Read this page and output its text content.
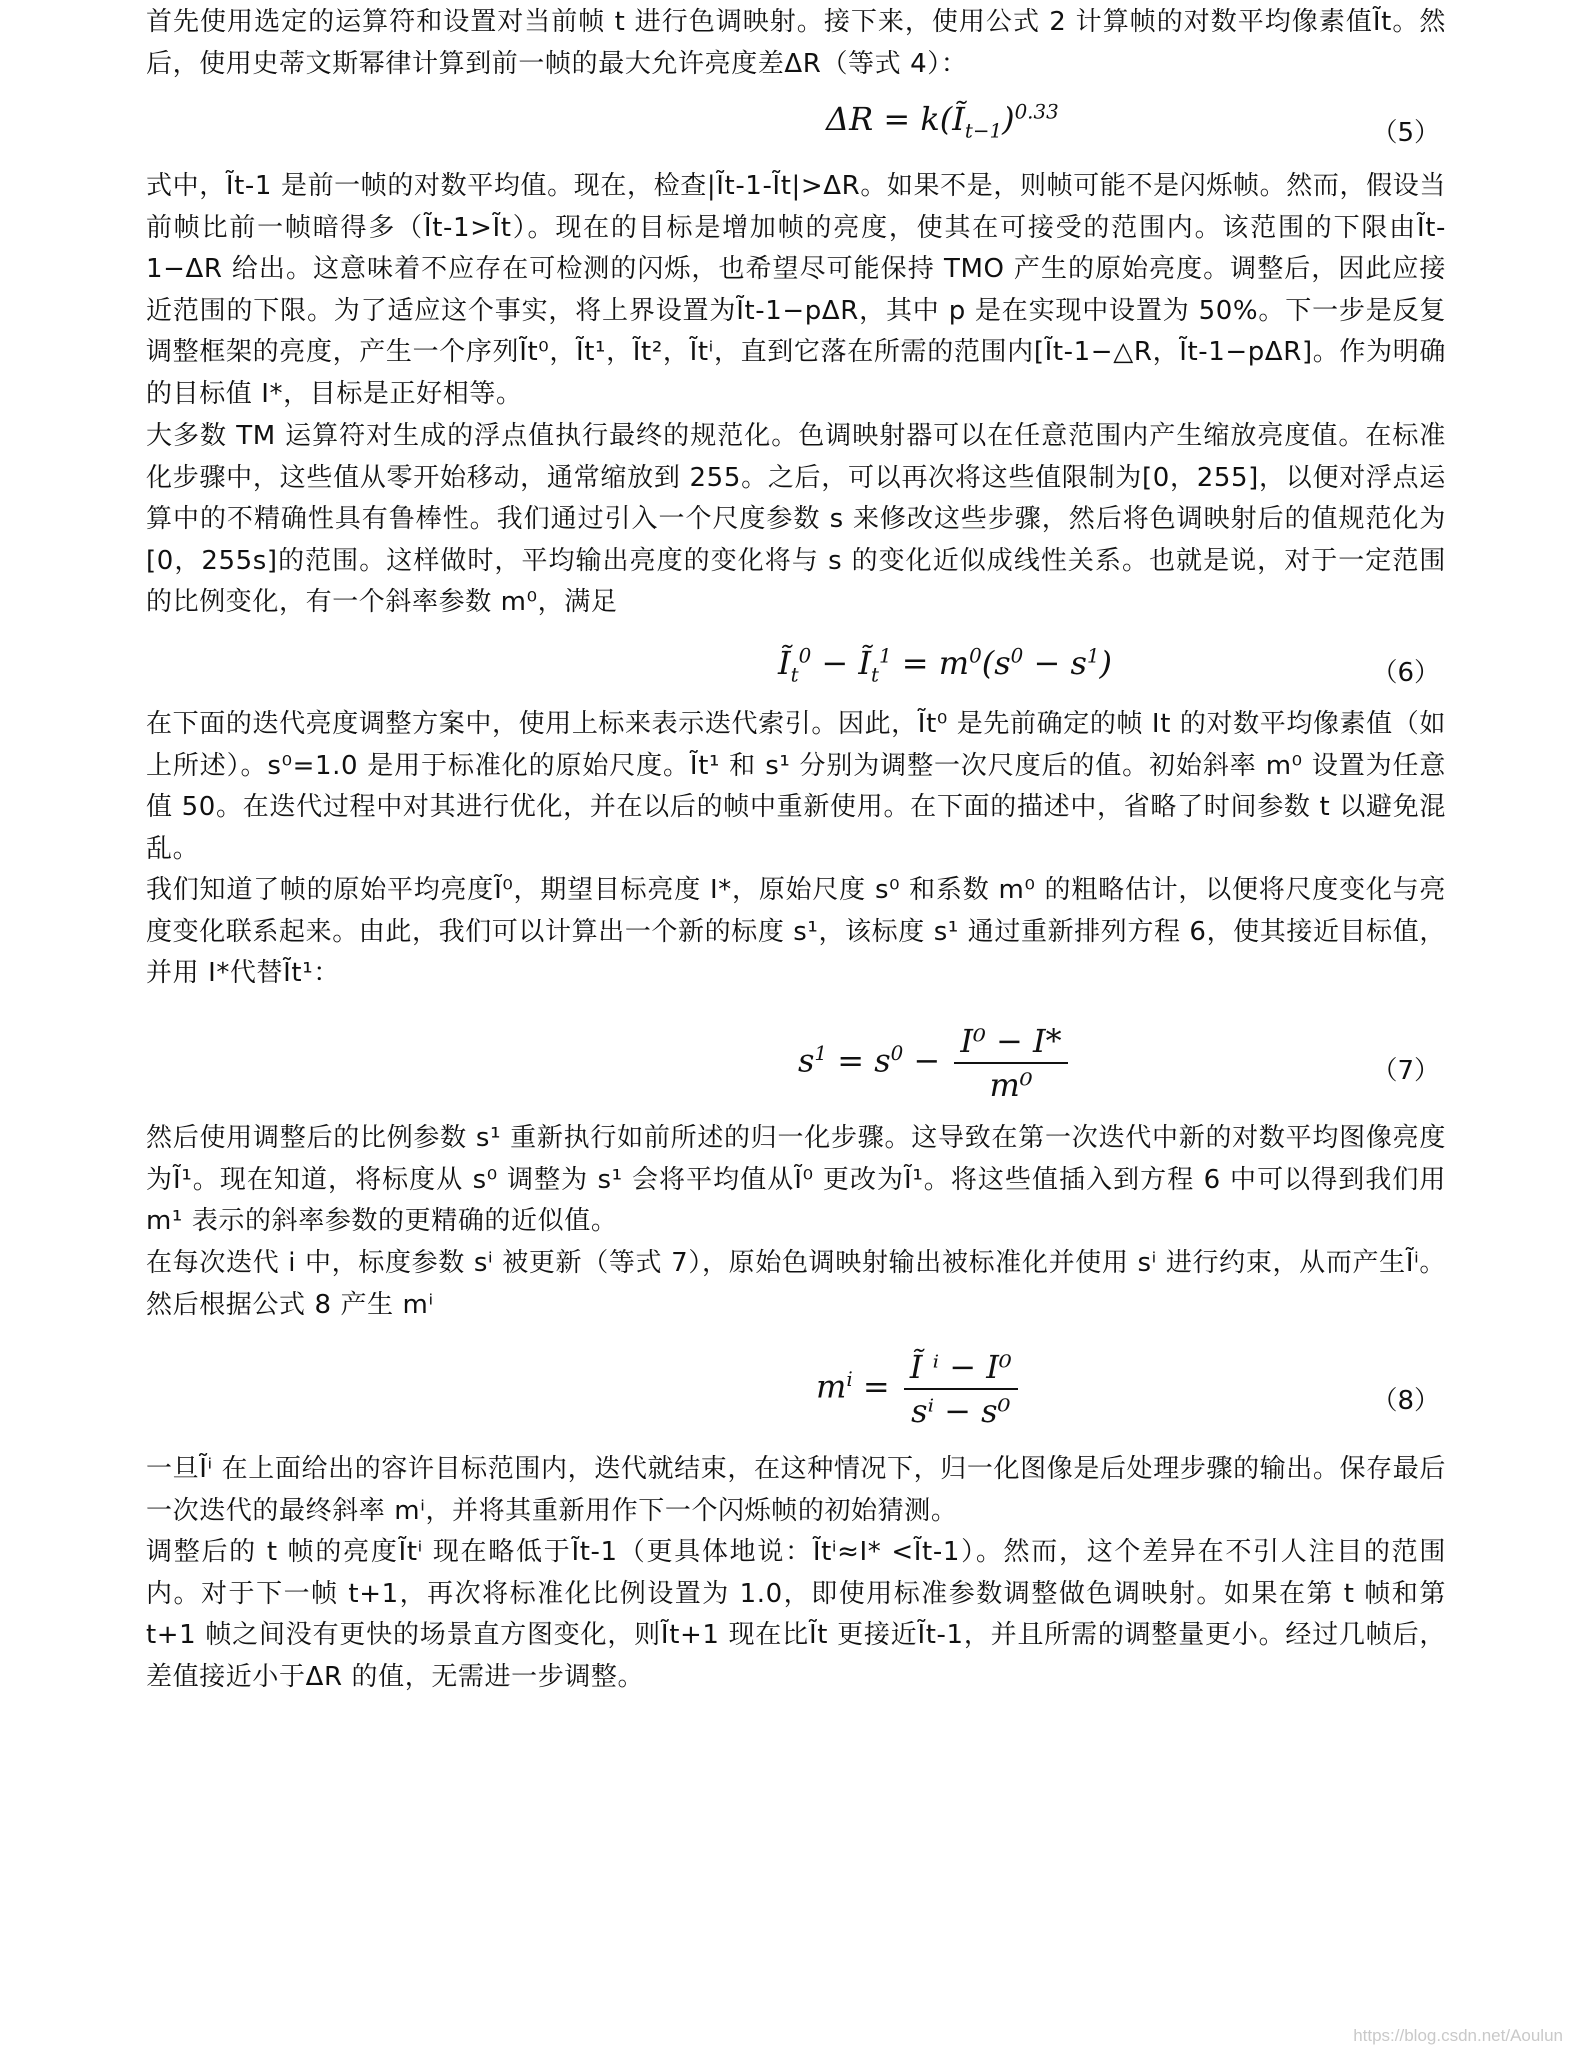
首先使用选定的运算符和设置对当前帧 t 进行色调映射。接下来，使用公式 2 计算帧的对数平均像素值Ĩt。然后，使用史蒂文斯幂律计算到前一帧的最大允许亮度差ΔR（等式 4）：
$\Delta R = k(Ĩ_{t-1})^{0.33}$
（5）
式中，Ĩt-1 是前一帧的对数平均值。现在，检查|Ĩt-1-Ĩt|>ΔR。如果不是，则帧可能不是闪烁帧。然而，假设当前帧比前一帧暗得多（Ĩt-1>Ĩt）。现在的目标是增加帧的亮度，使其在可接受的范围内。该范围的下限由Ĩt-1−ΔR 给出。这意味着不应存在可检测的闪烁，也希望尽可能保持 TMO 产生的原始亮度。调整后，因此应接近范围的下限。为了适应这个事实，将上界设置为Ĩt-1−pΔR，其中 p 是在实现中设置为 50%。下一步是反复调整框架的亮度，产生一个序列Ĩt⁰，Ĩt¹，Ĩt²，Ĩtⁱ，直到它落在所需的范围内[Ĩt-1−△R，Ĩt-1−pΔR]。作为明确的目标值 I*，目标是正好相等。
大多数 TM 运算符对生成的浮点值执行最终的规范化。色调映射器可以在任意范围内产生缩放亮度值。在标准化步骤中，这些值从零开始移动，通常缩放到 255。之后，可以再次将这些值限制为[0，255]，以便对浮点运算中的不精确性具有鲁棒性。我们通过引入一个尺度参数 s 来修改这些步骤，然后将色调映射后的值规范化为[0，255s]的范围。这样做时，平均输出亮度的变化将与 s 的变化近似成线性关系。也就是说，对于一定范围的比例变化，有一个斜率参数 m⁰，满足
$Ĩ_t^0$ − $Ĩ_t^1 = m^0(s^0 - s^1)$	（6）
在下面的迭代亮度调整方案中，使用上标来表示迭代索引。因此，Ĩt⁰ 是先前确定的帧 It 的对数平均像素值（如上所述）。s⁰=1.0 是用于标准化的原始尺度。Ĩt¹ 和 s¹ 分别为调整一次尺度后的值。初始斜率 m⁰ 设置为任意值 50。在迭代过程中对其进行优化，并在以后的帧中重新使用。在下面的描述中，省略了时间参数 t 以避免混乱。
我们知道了帧的原始平均亮度Ĩ⁰，期望目标亮度 I*，原始尺度 s⁰ 和系数 m⁰ 的粗略估计，以便将尺度变化与亮度变化联系起来。由此，我们可以计算出一个新的标度 s¹，该标度 s¹ 通过重新排列方程 6，使其接近目标值，并用 I*代替Ĩt¹：
$s^1 = s^0 - \frac{\text{I⁰ − I*}}{\text{m⁰}}$	（7）
然后使用调整后的比例参数 s¹ 重新执行如前所述的归一化步骤。这导致在第一次迭代中新的对数平均图像亮度为Ĩ¹。现在知道，将标度从 s⁰ 调整为 s¹ 会将平均值从Ĩ⁰ 更改为Ĩ¹。将这些值插入到方程 6 中可以得到我们用 m¹ 表示的斜率参数的更精确的近似值。
在每次迭代 i 中，标度参数 sⁱ 被更新（等式 7），原始色调映射输出被标准化并使用 sⁱ 进行约束，从而产生Ĩⁱ。然后根据公式 8 产生 mⁱ
$m^i = \frac{\text{Ĩ ⁱ − I⁰}}{\text{sⁱ − s⁰}}$	（8）
一旦Ĩⁱ 在上面给出的容许目标范围内，迭代就结束，在这种情况下，归一化图像是后处理步骤的输出。保存最后一次迭代的最终斜率 mⁱ，并将其重新用作下一个闪烁帧的初始猜测。
调整后的 t 帧的亮度Ĩtⁱ 现在略低于Ĩt-1（更具体地说：Ĩtⁱ≈I* <Ĩt-1）。然而，这个差异在不引人注目的范围内。对于下一帧 t+1，再次将标准化比例设置为 1.0，即使用标准参数调整做色调映射。如果在第 t 帧和第 t+1 帧之间没有更快的场景直方图变化，则Ĩt+1 现在比Ĩt 更接近Ĩt-1，并且所需的调整量更小。经过几帧后，差值接近小于ΔR 的值，无需进一步调整。
https://blog.csdn.net/Aoulun
